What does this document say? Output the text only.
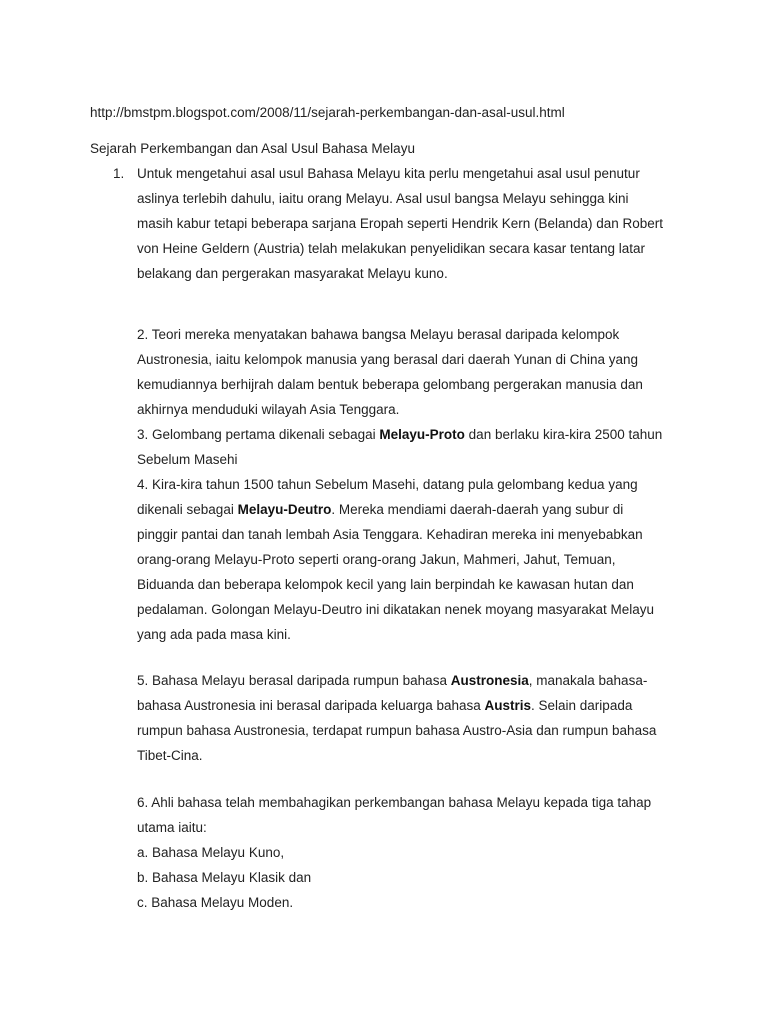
http://bmstpm.blogspot.com/2008/11/sejarah-perkembangan-dan-asal-usul.html
Sejarah Perkembangan dan Asal Usul Bahasa Melayu
1. Untuk mengetahui asal usul Bahasa Melayu kita perlu mengetahui asal usul penutur
aslinya terlebih dahulu, iaitu orang Melayu. Asal usul bangsa Melayu sehingga kini
masih kabur tetapi beberapa sarjana Eropah seperti Hendrik Kern (Belanda) dan Robert
von Heine Geldern (Austria) telah melakukan penyelidikan secara kasar tentang latar
belakang dan pergerakan masyarakat Melayu kuno.
2. Teori mereka menyatakan bahawa bangsa Melayu berasal daripada kelompok
Austronesia, iaitu kelompok manusia yang berasal dari daerah Yunan di China yang
kemudiannya berhijrah dalam bentuk beberapa gelombang pergerakan manusia dan
akhirnya menduduki wilayah Asia Tenggara.
3. Gelombang pertama dikenali sebagai Melayu-Proto dan berlaku kira-kira 2500 tahun
Sebelum Masehi
4. Kira-kira tahun 1500 tahun Sebelum Masehi, datang pula gelombang kedua yang
dikenali sebagai Melayu-Deutro. Mereka mendiami daerah-daerah yang subur di
pinggir pantai dan tanah lembah Asia Tenggara. Kehadiran mereka ini menyebabkan
orang-orang Melayu-Proto seperti orang-orang Jakun, Mahmeri, Jahut, Temuan,
Biduanda dan beberapa kelompok kecil yang lain berpindah ke kawasan hutan dan
pedalaman. Golongan Melayu-Deutro ini dikatakan nenek moyang masyarakat Melayu
yang ada pada masa kini.
5. Bahasa Melayu berasal daripada rumpun bahasa Austronesia, manakala bahasa-
bahasa Austronesia ini berasal daripada keluarga bahasa Austris. Selain daripada
rumpun bahasa Austronesia, terdapat rumpun bahasa Austro-Asia dan rumpun bahasa
Tibet-Cina.
6. Ahli bahasa telah membahagikan perkembangan bahasa Melayu kepada tiga tahap
utama iaitu:
a. Bahasa Melayu Kuno,
b. Bahasa Melayu Klasik dan
c. Bahasa Melayu Moden.
